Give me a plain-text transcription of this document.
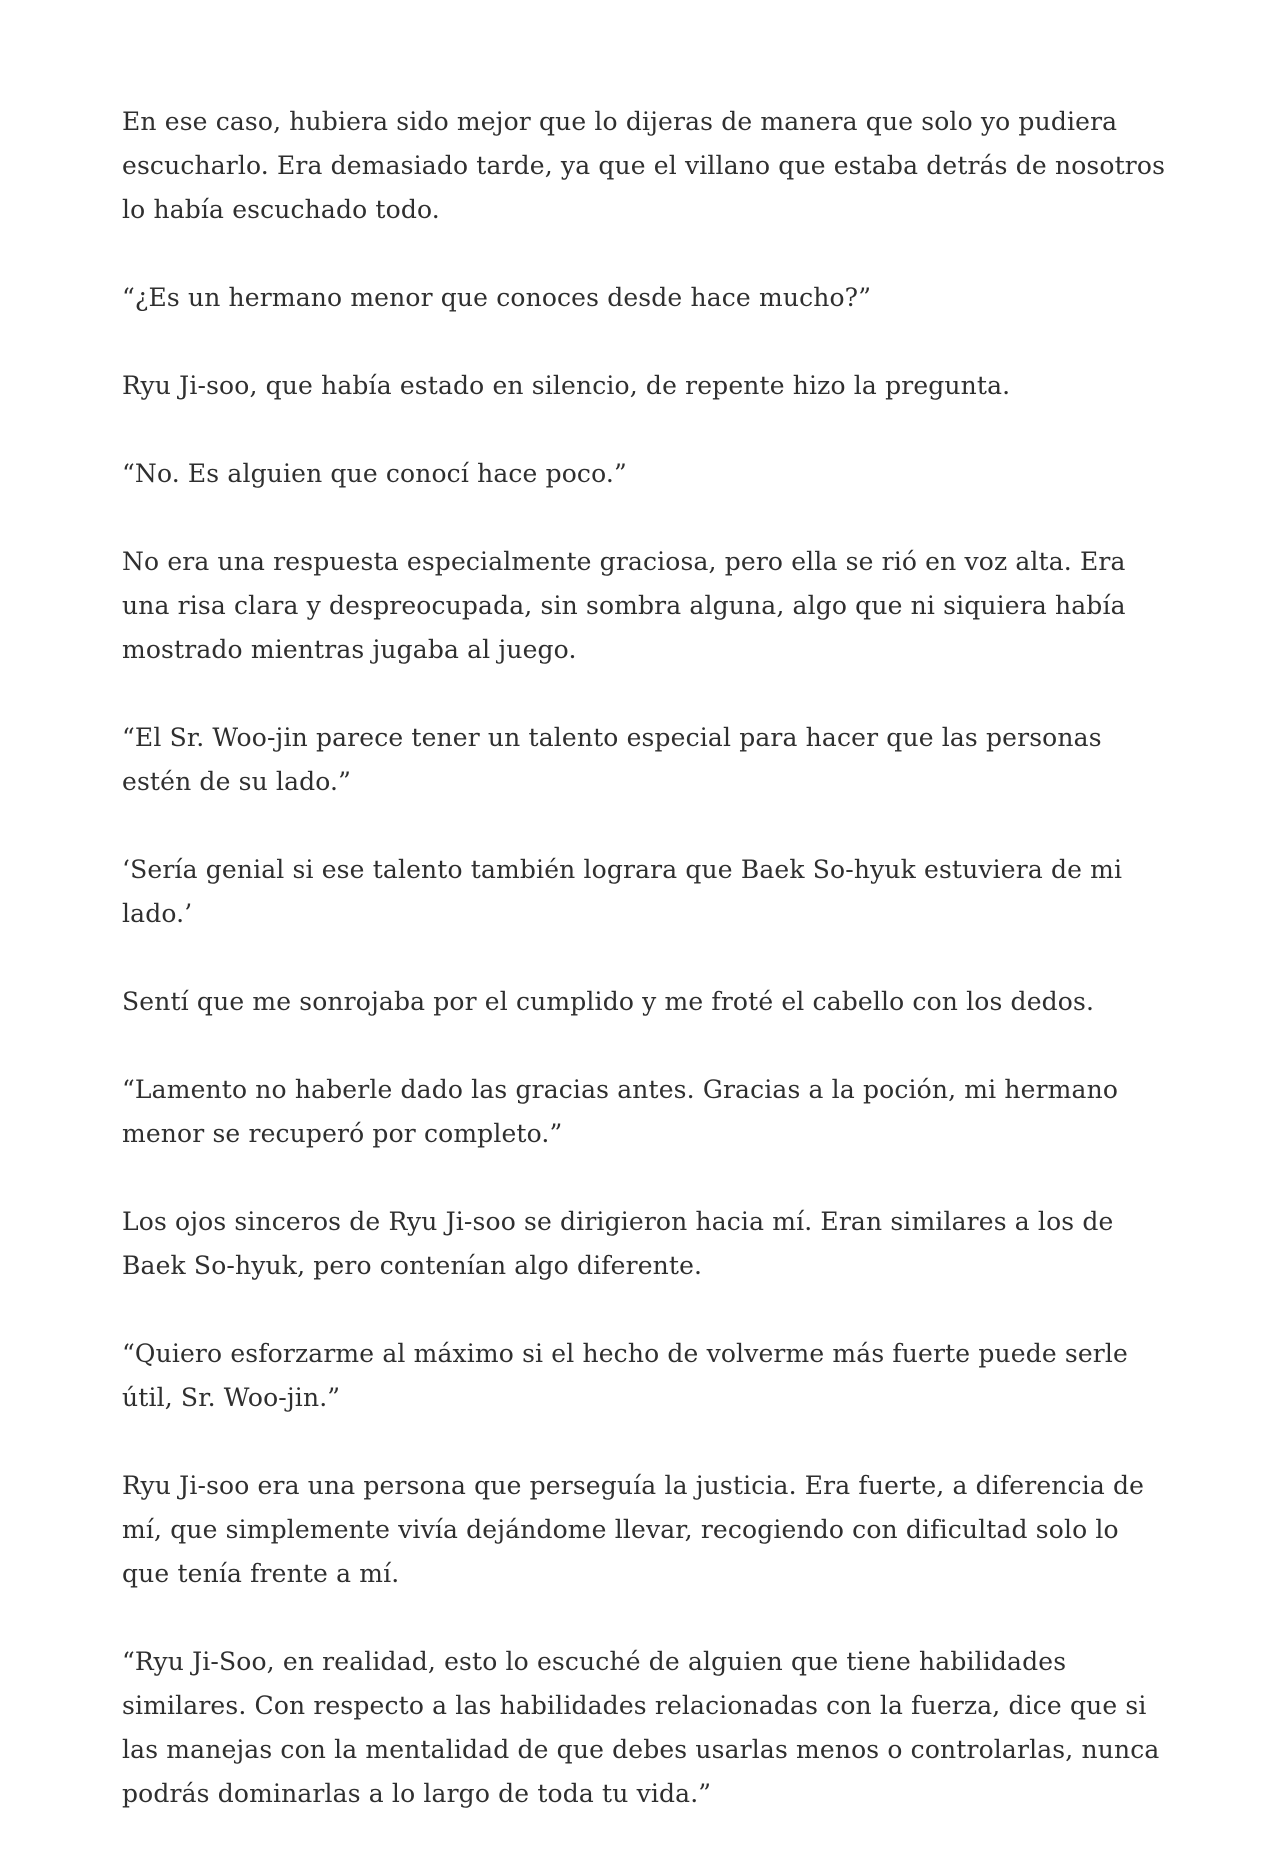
En ese caso, hubiera sido mejor que lo dijeras de manera que solo yo pudiera escucharlo. Era demasiado tarde, ya que el villano que estaba detrás de nosotros lo había escuchado todo.

“¿Es un hermano menor que conoces desde hace mucho?”

Ryu Ji-soo, que había estado en silencio, de repente hizo la pregunta.

“No. Es alguien que conocí hace poco.”

No era una respuesta especialmente graciosa, pero ella se rió en voz alta. Era una risa clara y despreocupada, sin sombra alguna, algo que ni siquiera había mostrado mientras jugaba al juego.

“El Sr. Woo-jin parece tener un talento especial para hacer que las personas estén de su lado.”

‘Sería genial si ese talento también lograra que Baek So-hyuk estuviera de mi lado.’

Sentí que me sonrojaba por el cumplido y me froté el cabello con los dedos.

“Lamento no haberle dado las gracias antes. Gracias a la poción, mi hermano menor se recuperó por completo.”

Los ojos sinceros de Ryu Ji-soo se dirigieron hacia mí. Eran similares a los de Baek So-hyuk, pero contenían algo diferente.

“Quiero esforzarme al máximo si el hecho de volverme más fuerte puede serle útil, Sr. Woo-jin.”

Ryu Ji-soo era una persona que perseguía la justicia. Era fuerte, a diferencia de mí, que simplemente vivía dejándome llevar, recogiendo con dificultad solo lo que tenía frente a mí.

“Ryu Ji-Soo, en realidad, esto lo escuché de alguien que tiene habilidades similares. Con respecto a las habilidades relacionadas con la fuerza, dice que si las manejas con la mentalidad de que debes usarlas menos o controlarlas, nunca podrás dominarlas a lo largo de toda tu vida.”
